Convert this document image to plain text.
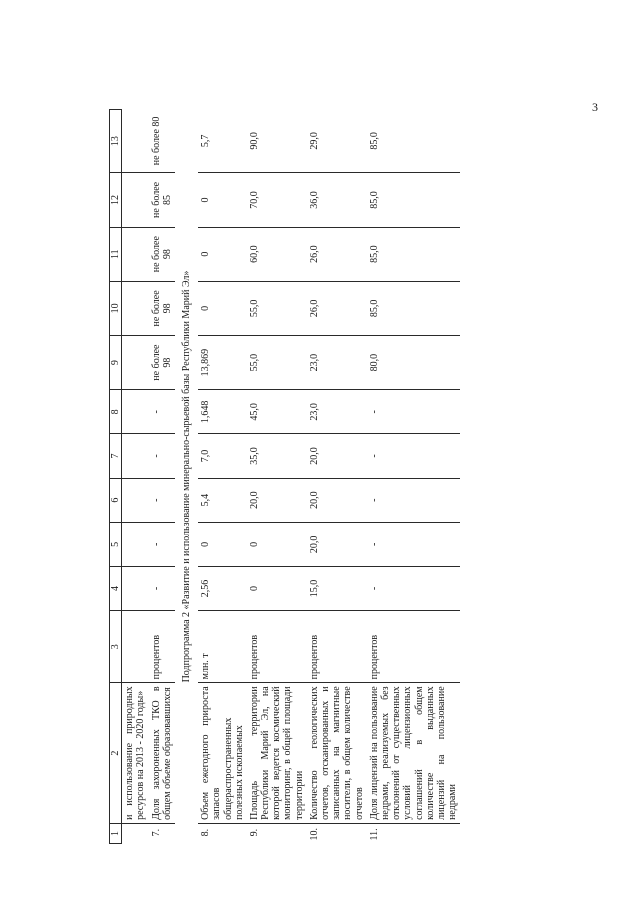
3
1	2	3	4	5	6	7	8	9	10	11	12	13
	и использование природных ресурсов на 2013 - 2020 годы»											
7.	Доля захороненных ТКО в общем объеме образовавшихся	процентов	-	-	-	-	-	не более 98	не более 98	не более 98	не более 85	не более 80
Подпрограмма 2 «Развитие и использование минерально-сырьевой базы Республики Марий Эл»												
8.	Объем ежегодного прироста запасов общераспространенных полезных ископаемых	млн. т	2,56	0	5,4	7,0	1,648	13,869	0	0	0	5,7
9.	Площадь территории Республики Марий Эл, на которой ведется космический мониторинг, в общей площади территории	процентов	0	0	20,0	35,0	45,0	55,0	55,0	60,0	70,0	90,0
10.	Количество геологических отчетов, отсканированных и записанных на магнитные носители, в общем количестве отчетов	процентов	15,0	20,0	20,0	20,0	23,0	23,0	26,0	26,0	36,0	29,0
11.	Доля лицензий на пользование недрами, реализуемых без отклонений от существенных условий лицензионных соглашений в общем количестве выданных лицензий на пользование недрами	процентов	-	-	-	-	-	80,0	85,0	85,0	85,0	85,0
